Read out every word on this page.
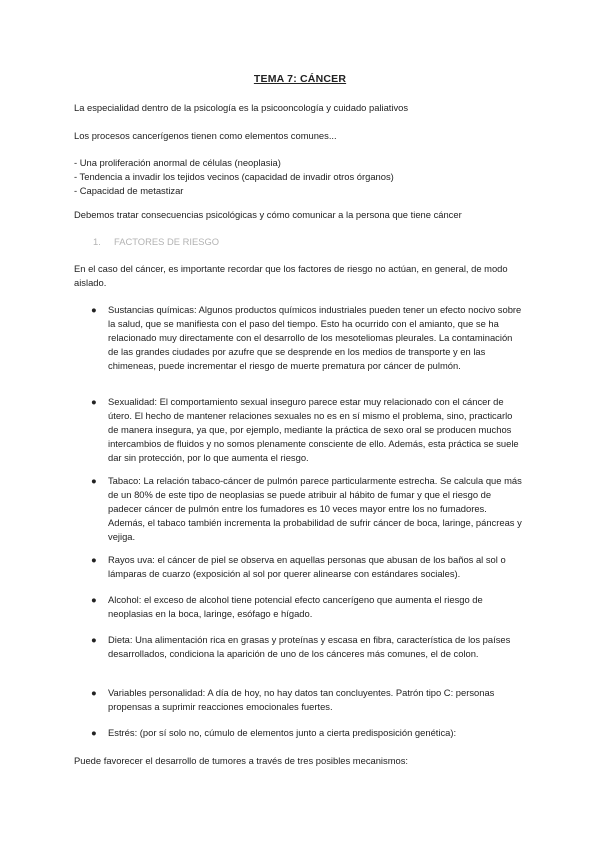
TEMA 7: CÁNCER

La especialidad dentro de la psicología es la psicooncología y cuidado paliativos

Los procesos cancerígenos tienen como elementos comunes...

- Una proliferación anormal de células (neoplasia)

- Tendencia a invadir los tejidos vecinos (capacidad de invadir otros órganos)

- Capacidad de metastizar

Debemos tratar consecuencias psicológicas y cómo comunicar a la persona que tiene cáncer

1. FACTORES DE RIESGO

En el caso del cáncer, es importante recordar que los factores de riesgo no actúan, en general, de modo aislado.

●	Sustancias químicas: Algunos productos químicos industriales pueden tener un efecto nocivo sobre la salud, que se manifiesta con el paso del tiempo. Esto ha ocurrido con el amianto, que se ha relacionado muy directamente con el desarrollo de los mesoteliomas pleurales. La contaminación de las grandes ciudades por azufre que se desprende en los medios de transporte y en las chimeneas, puede incrementar el riesgo de muerte prematura por cáncer de pulmón.
●	Sexualidad: El comportamiento sexual inseguro parece estar muy relacionado con el cáncer de útero. El hecho de mantener relaciones sexuales no es en sí mismo el problema, sino, practicarlo de manera insegura, ya que, por ejemplo, mediante la práctica de sexo oral se producen muchos intercambios de fluidos y no somos plenamente consciente de ello. Además, esta práctica se suele dar sin protección, por lo que aumenta el riesgo.
●	Tabaco: La relación tabaco-cáncer de pulmón parece particularmente estrecha. Se calcula que más de un 80% de este tipo de neoplasias se puede atribuir al hábito de fumar y que el riesgo de padecer cáncer de pulmón entre los fumadores es 10 veces mayor entre los no fumadores. Además, el tabaco también incrementa la probabilidad de sufrir cáncer de boca, laringe, páncreas y vejiga.
●	Rayos uva: el cáncer de piel se observa en aquellas personas que abusan de los baños al sol o lámparas de cuarzo (exposición al sol por querer alinearse con estándares sociales).
●	Alcohol: el exceso de alcohol tiene potencial efecto cancerígeno que aumenta el riesgo de neoplasias en la boca, laringe, esófago e hígado.
●	Dieta: Una alimentación rica en grasas y proteínas y escasa en fibra, característica de los países desarrollados, condiciona la aparición de uno de los cánceres más comunes, el de colon.
●	Variables personalidad: A día de hoy, no hay datos tan concluyentes. Patrón tipo C: personas propensas a suprimir reacciones emocionales fuertes.
●	Estrés: (por sí solo no, cúmulo de elementos junto a cierta predisposición genética):

Puede favorecer el desarrollo de tumores a través de tres posibles mecanismos:
